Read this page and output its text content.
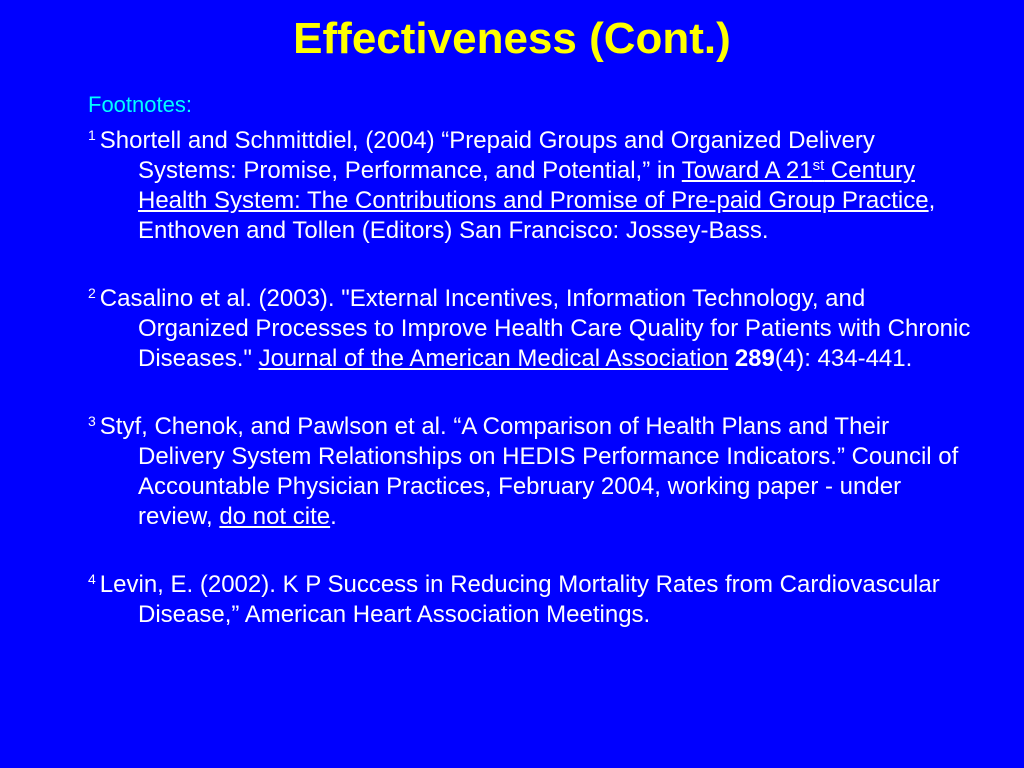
Effectiveness (Cont.)
Footnotes:
$^1$ Shortell and Schmittdiel, (2004) “Prepaid Groups and Organized Delivery Systems: Promise, Performance, and Potential,” in Toward A 21st Century Health System: The Contributions and Promise of Pre-paid Group Practice, Enthoven and Tollen (Editors) San Francisco: Jossey-Bass.
$^2$ Casalino et al. (2003). "External Incentives, Information Technology, and Organized Processes to Improve Health Care Quality for Patients with Chronic Diseases." Journal of the American Medical Association 289(4): 434-441.
$^3$ Styf, Chenok, and Pawlson et al. “A Comparison of Health Plans and Their Delivery System Relationships on HEDIS Performance Indicators.” Council of Accountable Physician Practices, February 2004, working paper - under review, do not cite.
$^4$ Levin, E. (2002). K P Success in Reducing Mortality Rates from Cardiovascular Disease,” American Heart Association Meetings.
